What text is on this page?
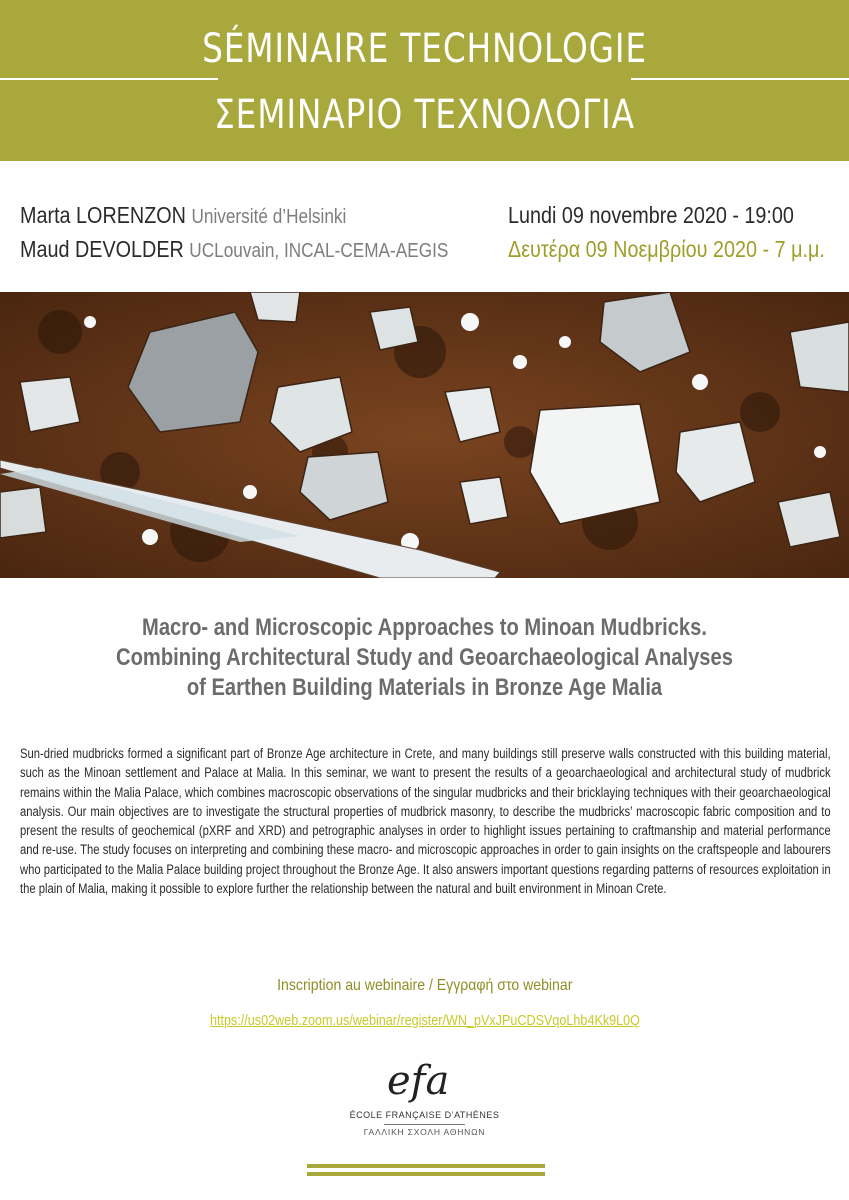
SÉMINAIRE TECHNOLOGIE
ΣΕΜΙΝΑΡΙΟ ΤΕΧΝΟΛΟΓΙΑ
Marta LORENZON Université d’Helsinki
Maud DEVOLDER UCLouvain, INCAL-CEMA-AEGIS
Lundi 09 novembre 2020 - 19:00
Δευτέρα 09 Νοεμβρίου 2020 - 7 μ.μ.
Macro- and Microscopic Approaches to Minoan Mudbricks.
Combining Architectural Study and Geoarchaeological Analyses
of Earthen Building Materials in Bronze Age Malia
Sun-dried mudbricks formed a significant part of Bronze Age architecture in Crete, and many buildings still preserve walls constructed with this building material, such as the Minoan settlement and Palace at Malia. In this seminar, we want to present the results of a geoarchaeological and architectural study of mudbrick remains within the Malia Palace, which combines macroscopic observations of the singular mudbricks and their bricklaying techniques with their geoarchaeological analysis. Our main objectives are to investigate the structural properties of mudbrick masonry, to describe the mudbricks’ macroscopic fabric composition and to present the results of geochemical (pXRF and XRD) and petrographic analyses in order to highlight issues pertaining to craftmanship and material performance and re-use. The study focuses on interpreting and combining these macro- and microscopic approaches in order to gain insights on the craftspeople and labourers who participated to the Malia Palace building project throughout the Bronze Age. It also answers important questions regarding patterns of resources exploitation in the plain of Malia, making it possible to explore further the relationship between the natural and built environment in Minoan Crete.
Inscription au webinaire / Εγγραφή στο webinar
https://us02web.zoom.us/webinar/register/WN_pVxJPuCDSVqoLhb4Kk9L0Q
efa
ÉCOLE FRANÇAISE D’ATHÈNES
ΓΑΛΛΙΚΗ ΣΧΟΛΗ ΑΘΗΝΩΝ
